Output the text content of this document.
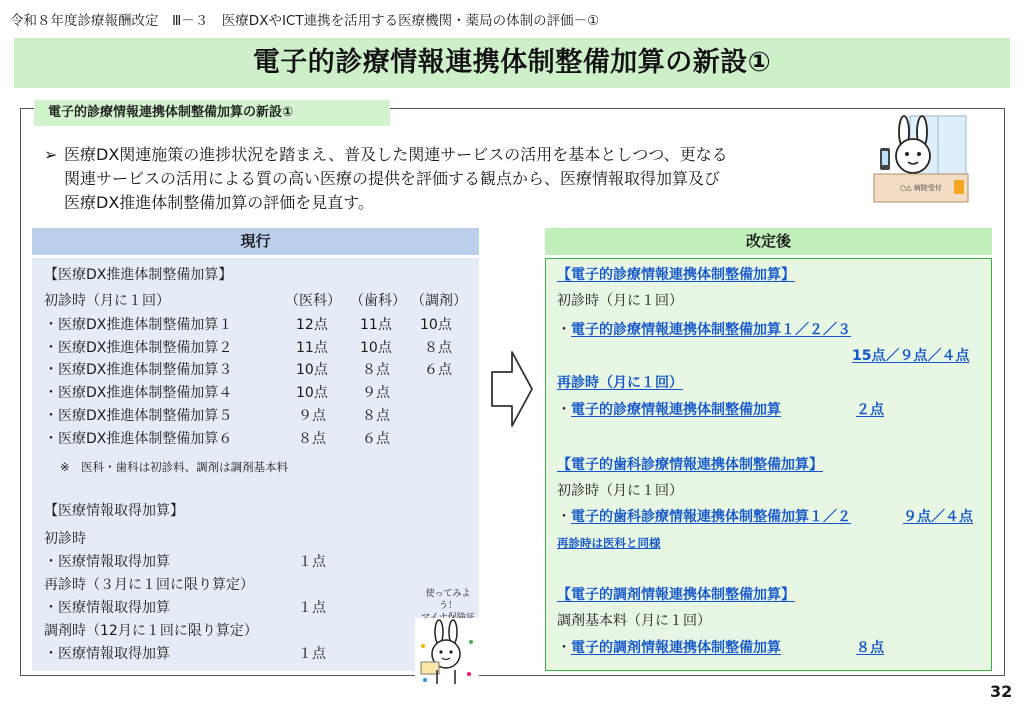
令和８年度診療報酬改定　Ⅲ－３　医療DXやICT連携を活用する医療機関・薬局の体制の評価－①
電子的診療情報連携体制整備加算の新設①
電子的診療情報連携体制整備加算の新設①
➢ 医療DX関連施策の進捗状況を踏まえ、普及した関連サービスの活用を基本としつつ、更なる
関連サービスの活用による質の高い医療の提供を評価する観点から、医療情報取得加算及び
医療DX推進体制整備加算の評価を見直す。
○△ 病院受付
現行
【医療DX推進体制整備加算】
初診時（月に１回）	（医科） （歯科） （調剤）
・医療DX推進体制整備加算１	12点 11点 10点
・医療DX推進体制整備加算２	11点 10点 ８点
・医療DX推進体制整備加算３	10点 ８点 ６点
・医療DX推進体制整備加算４	10点 ９点
・医療DX推進体制整備加算５	９点	８点
・医療DX推進体制整備加算６	８点	６点
※　医科・歯科は初診料、調剤は調剤基本料
【医療情報取得加算】
初診時
・医療情報取得加算	１点
再診時（３月に１回に限り算定）
・医療情報取得加算	１点
調剤時（12月に１回に限り算定）
・医療情報取得加算	１点
使ってみよう！
改定後
【電子的診療情報連携体制整備加算】
初診時（月に１回）
・電子的診療情報連携体制整備加算１／２／３
15点／９点／４点
再診時（月に１回）
・電子的診療情報連携体制整備加算	２点
【電子的歯科診療情報連携体制整備加算】
初診時（月に１回）
・電子的歯科診療情報連携体制整備加算１／２	９点／４点
再診時は医科と同様
【電子的調剤情報連携体制整備加算】
調剤基本料（月に１回）
・電子的調剤情報連携体制整備加算	８点
32
